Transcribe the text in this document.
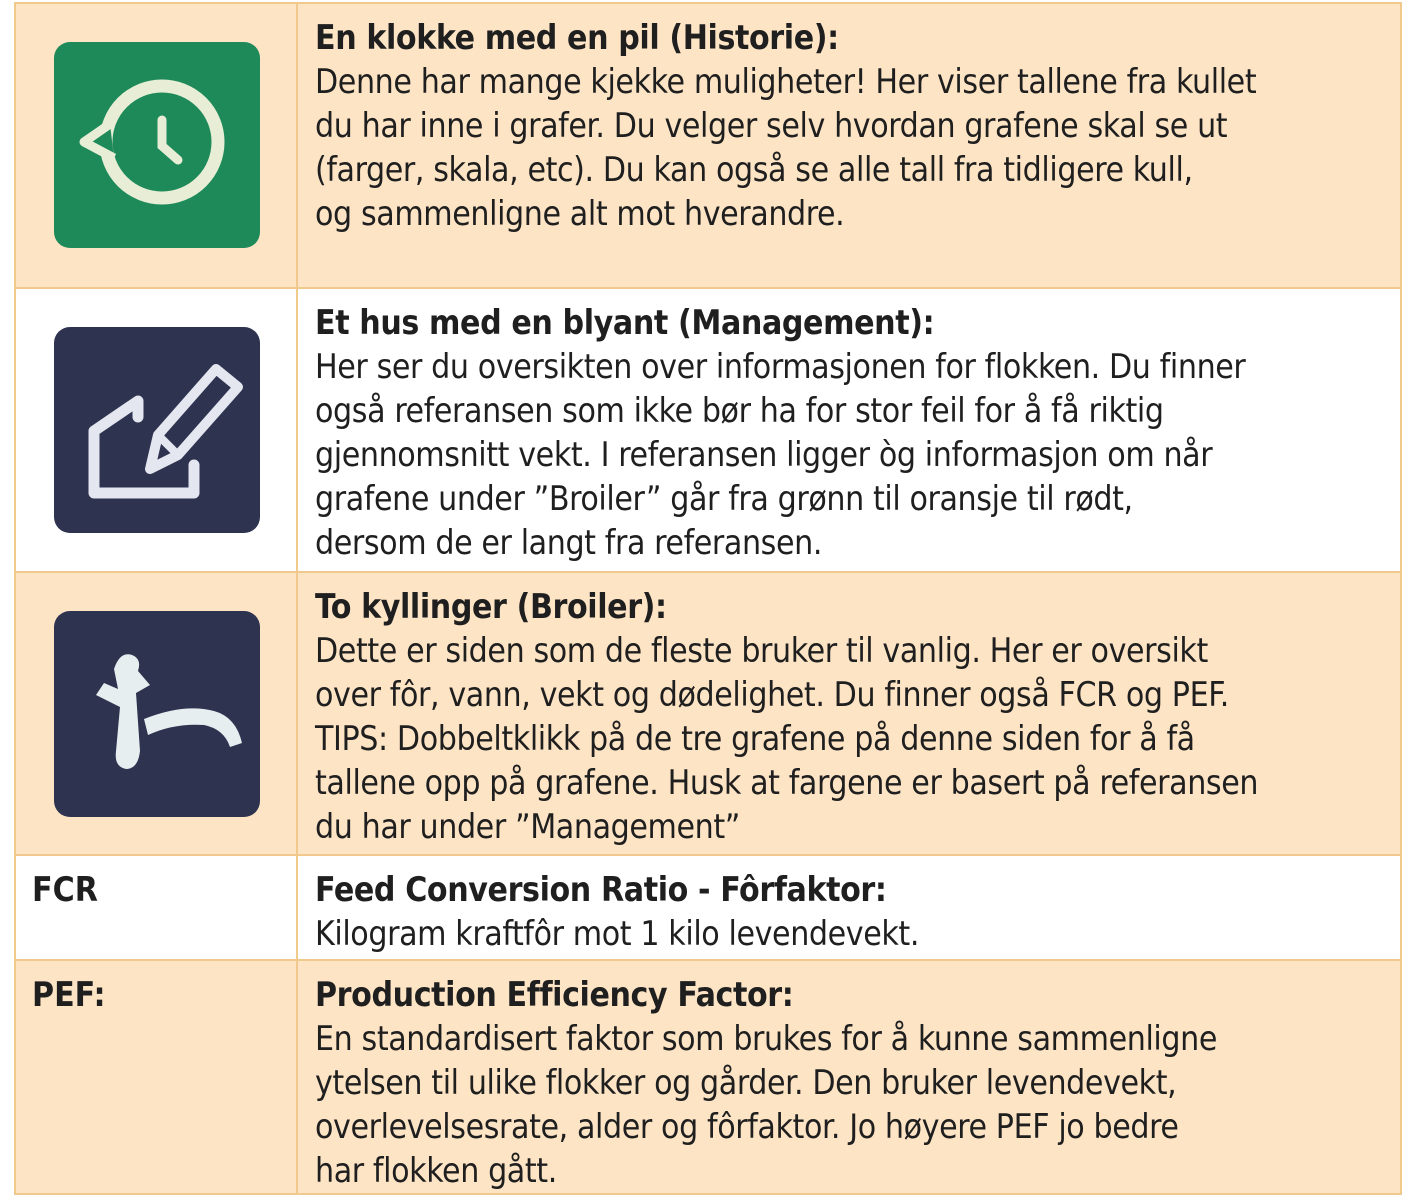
En klokke med en pil (Historie):
Denne har mange kjekke muligheter! Her viser tallene fra kullet
du har inne i grafer. Du velger selv hvordan grafene skal se ut
(farger, skala, etc). Du kan også se alle tall fra tidligere kull,
og sammenligne alt mot hverandre.
Et hus med en blyant (Management):
Her ser du oversikten over informasjonen for flokken. Du finner
også referansen som ikke bør ha for stor feil for å få riktig
gjennomsnitt vekt. I referansen ligger òg informasjon om når
grafene under ”Broiler” går fra grønn til oransje til rødt,
dersom de er langt fra referansen.
To kyllinger (Broiler):
Dette er siden som de fleste bruker til vanlig. Her er oversikt
over fôr, vann, vekt og dødelighet. Du finner også FCR og PEF.
TIPS: Dobbeltklikk på de tre grafene på denne siden for å få
tallene opp på grafene. Husk at fargene er basert på referansen
du har under ”Management”
FCR	Feed Conversion Ratio - Fôrfaktor:
Kilogram kraftfôr mot 1 kilo levendevekt.
PEF:	Production Efficiency Factor:
En standardisert faktor som brukes for å kunne sammenligne
ytelsen til ulike flokker og gårder. Den bruker levendevekt,
overlevelsesrate, alder og fôrfaktor. Jo høyere PEF jo bedre
har flokken gått.
